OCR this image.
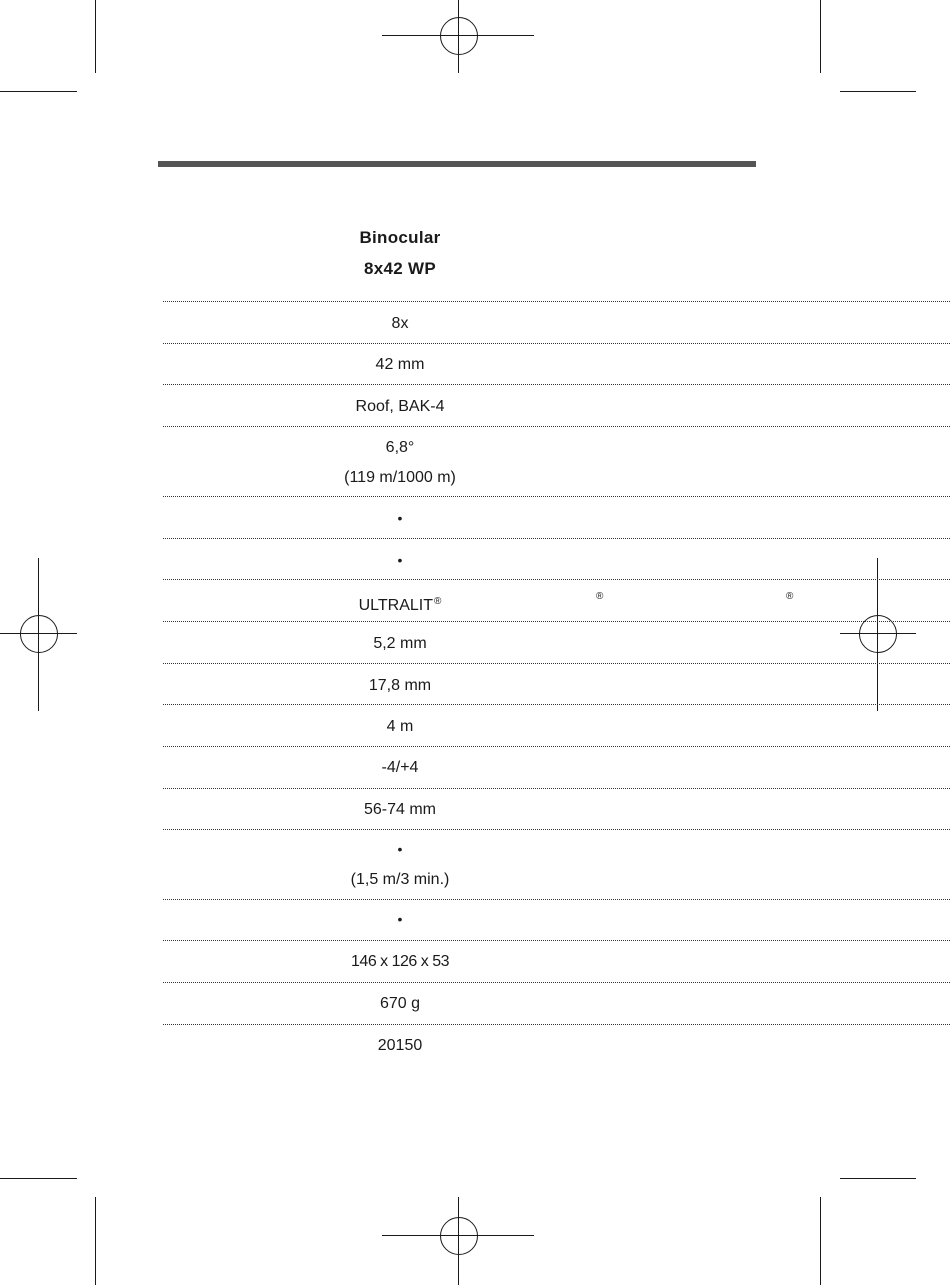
Binocular
8x42 WP
8x
42 mm
Roof, BAK-4
6,8°
(119 m/1000 m)
•
•
ULTRALIT®	®	®
5,2 mm
17,8 mm
4 m
-4/+4
56-74 mm
•
(1,5 m/3 min.)
•
146 x 126 x 53
670 g
20150
